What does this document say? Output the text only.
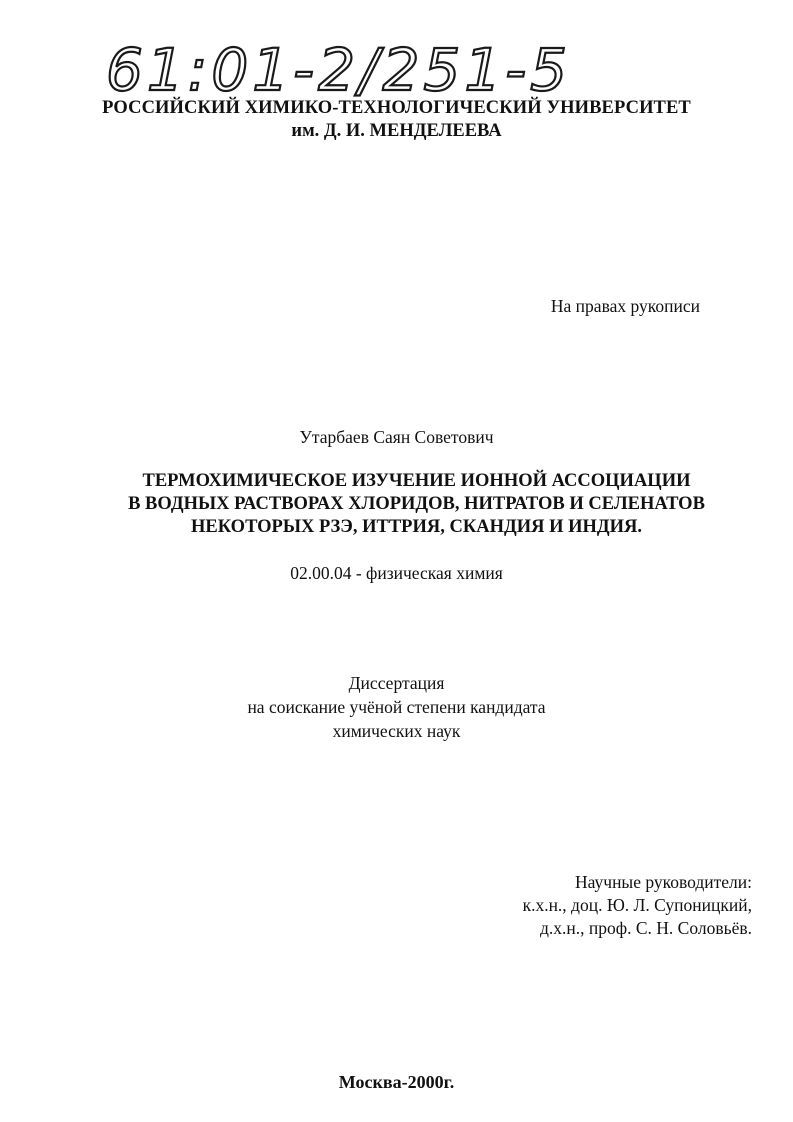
61:01-2/251-5
РОССИЙСКИЙ ХИМИКО-ТЕХНОЛОГИЧЕСКИЙ УНИВЕРСИТЕТ
им. Д. И. МЕНДЕЛЕЕВА
На правах рукописи
Утарбаев Саян Советович
ТЕРМОХИМИЧЕСКОЕ ИЗУЧЕНИЕ ИОННОЙ АССОЦИАЦИИ
В ВОДНЫХ РАСТВОРАХ ХЛОРИДОВ, НИТРАТОВ И СЕЛЕНАТОВ
НЕКОТОРЫХ РЗЭ, ИТТРИЯ, СКАНДИЯ И ИНДИЯ.
02.00.04 - физическая химия
Диссертация
на соискание учёной степени кандидата
химических наук
Научные руководители:
к.х.н., доц. Ю. Л. Супоницкий,
д.х.н., проф. С. Н. Соловьёв.
Москва-2000г.
